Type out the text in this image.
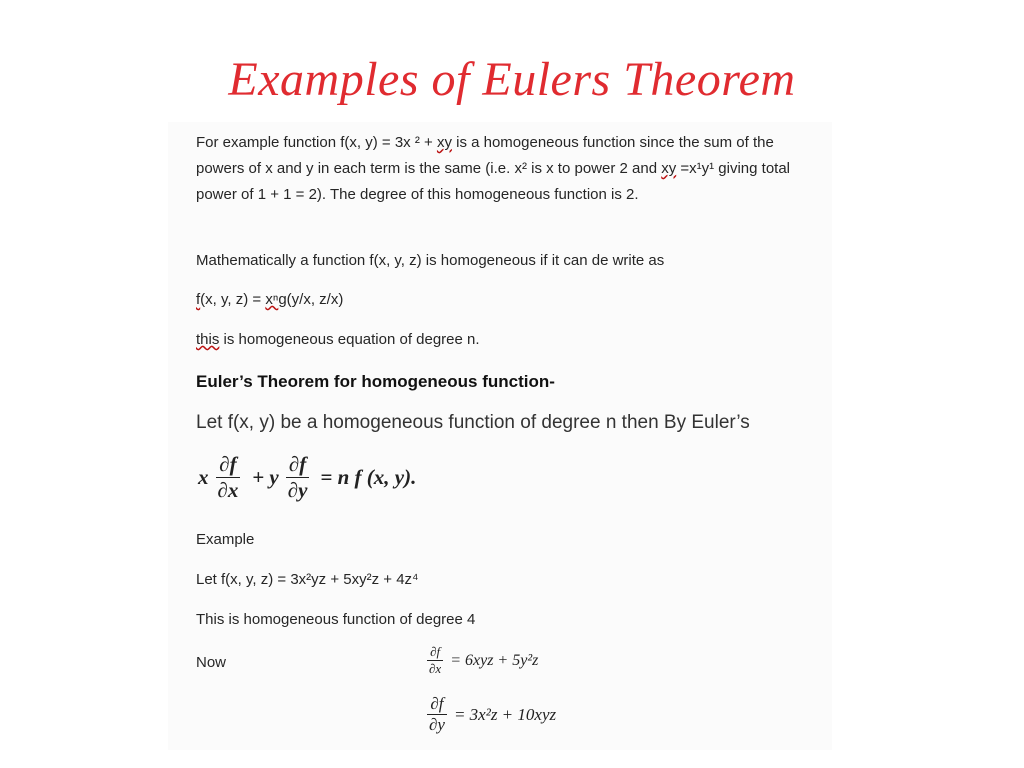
Examples of Eulers Theorem
For example function f(x, y) = 3x ² + xy is a homogeneous function since the sum of the powers of x and y in each term is the same (i.e. x² is x to power 2 and xy =x¹y¹ giving total power of 1 + 1 = 2). The degree of this homogeneous function is 2.
Mathematically a function f(x, y, z) is homogeneous if it can de write as
f(x, y, z) = xⁿg(y/x, z/x)
this is homogeneous equation of degree n.
Euler’s Theorem for homogeneous function-
Let f(x, y) be a homogeneous function of degree n then By Euler’s
x $\frac{\partial f}{\partial x} + y \frac{\partial f}{\partial y} = n$ f (x, y).
Example
Let f(x, y, z) = 3x²yz + 5xy²z + 4z⁴
This is homogeneous function of degree 4
Now	$\frac{\partial f}{\partial x} = 6xyz + 5y^2z$
$\frac{\partial f}{\partial y} = 3x^2z + 10xyz$
